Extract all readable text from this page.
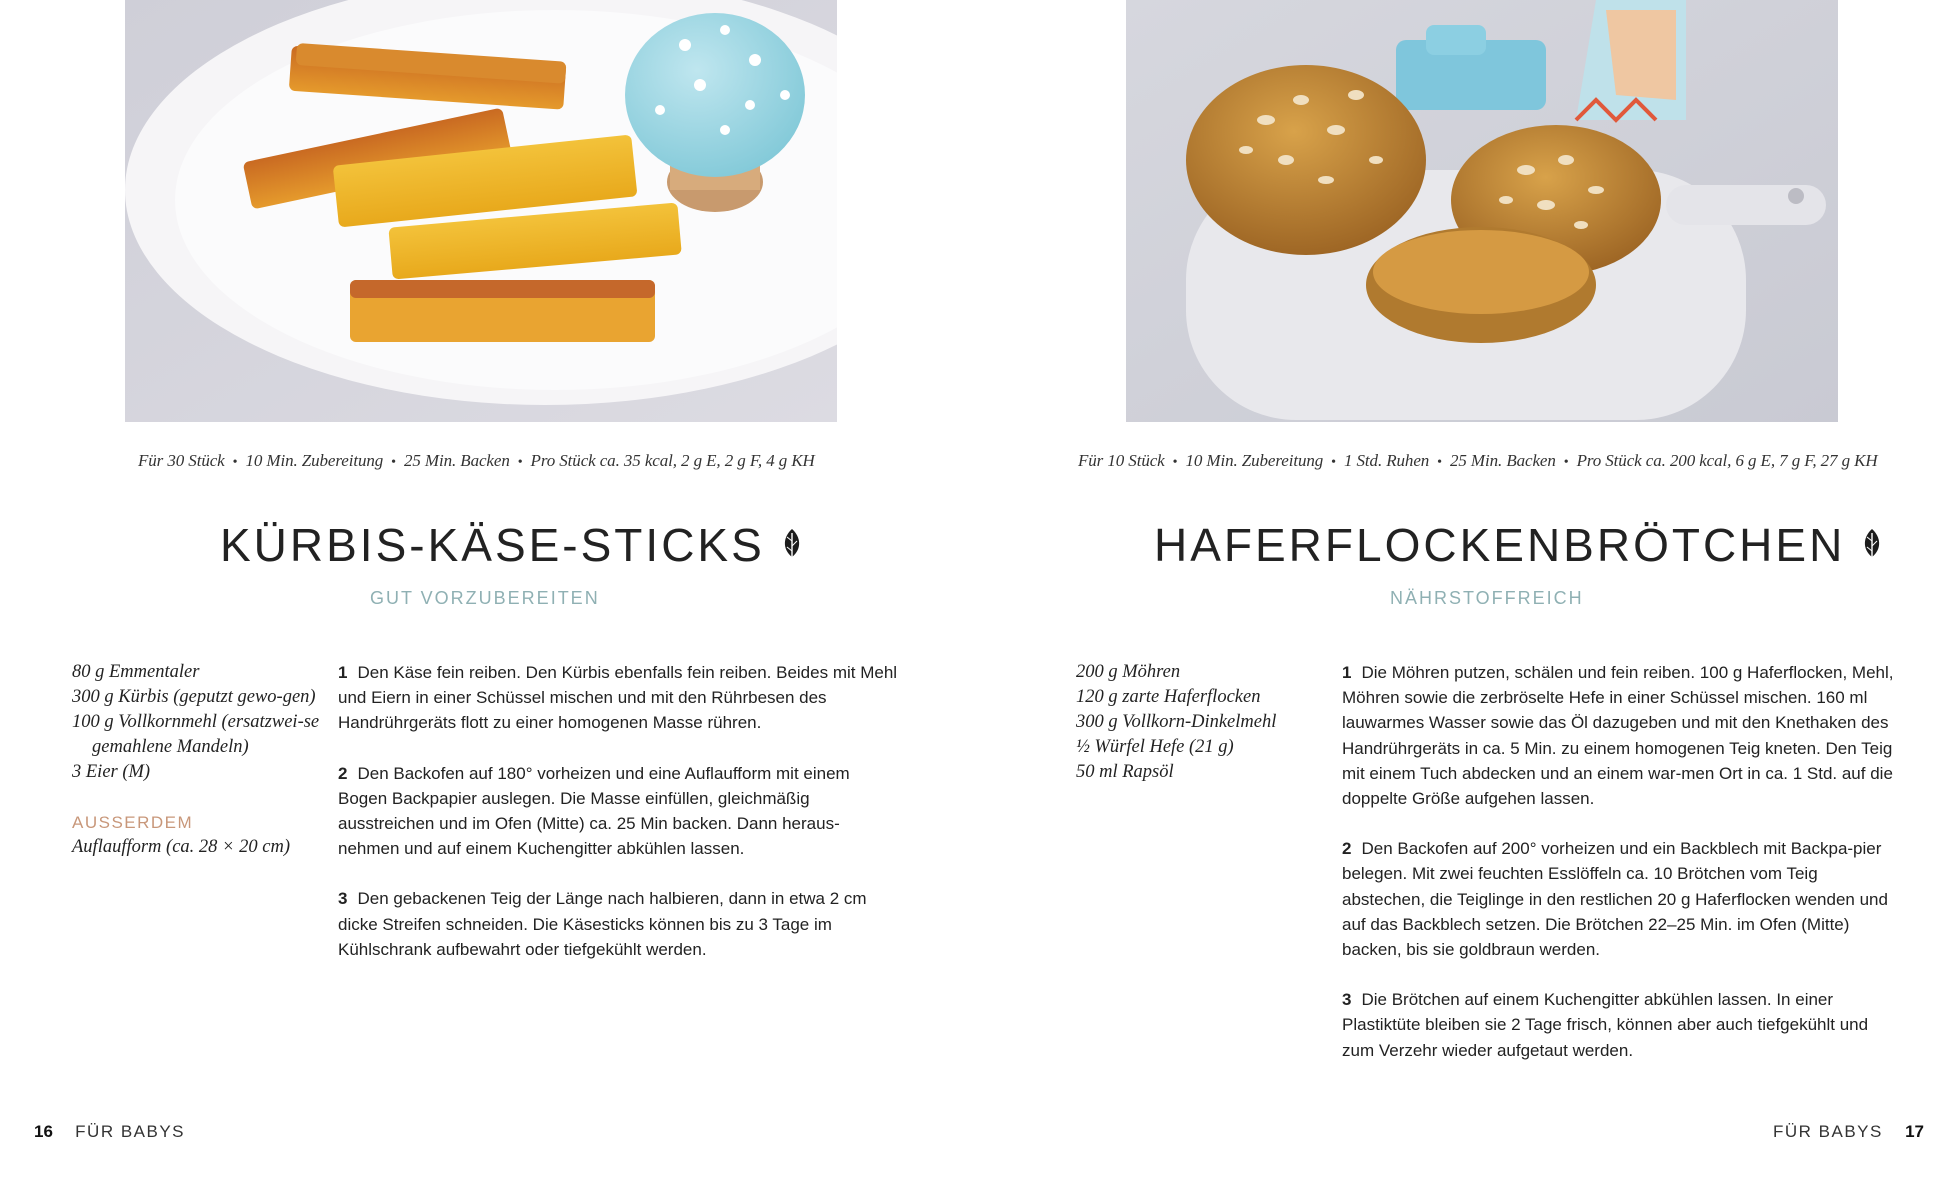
Für 30 Stück • 10 Min. Zubereitung • 25 Min. Backen • Pro Stück ca. 35 kcal, 2 g E, 2 g F, 4 g KH
KÜRBIS-KÄSE-STICKS
GUT VORZUBEREITEN
80 g Emmentaler
300 g Kürbis (geputzt gewo-gen)
100 g Vollkornmehl (ersatzwei-se gemahlene Mandeln)
3 Eier (M)
AUSSERDEM
Auflaufform (ca. 28 × 20 cm)
1 Den Käse fein reiben. Den Kürbis ebenfalls fein reiben. Beides mit Mehl und Eiern in einer Schüssel mischen und mit den Rührbesen des Handrührgeräts flott zu einer homogenen Masse rühren.
2 Den Backofen auf 180° vorheizen und eine Auflaufform mit einem Bogen Backpapier auslegen. Die Masse einfüllen, gleichmäßig ausstreichen und im Ofen (Mitte) ca. 25 Min backen. Dann heraus-nehmen und auf einem Kuchengitter abkühlen lassen.
3 Den gebackenen Teig der Länge nach halbieren, dann in etwa 2 cm dicke Streifen schneiden. Die Käsesticks können bis zu 3 Tage im Kühlschrank aufbewahrt oder tiefgekühlt werden.
16 FÜR BABYS
Für 10 Stück • 10 Min. Zubereitung • 1 Std. Ruhen • 25 Min. Backen • Pro Stück ca. 200 kcal, 6 g E, 7 g F, 27 g KH
HAFERFLOCKENBRÖTCHEN
NÄHRSTOFFREICH
200 g Möhren
120 g zarte Haferflocken
300 g Vollkorn-Dinkelmehl
½ Würfel Hefe (21 g)
50 ml Rapsöl
1 Die Möhren putzen, schälen und fein reiben. 100 g Haferflocken, Mehl, Möhren sowie die zerbröselte Hefe in einer Schüssel mischen. 160 ml lauwarmes Wasser sowie das Öl dazugeben und mit den Knethaken des Handrührgeräts in ca. 5 Min. zu einem homogenen Teig kneten. Den Teig mit einem Tuch abdecken und an einem war-men Ort in ca. 1 Std. auf die doppelte Größe aufgehen lassen.
2 Den Backofen auf 200° vorheizen und ein Backblech mit Backpa-pier belegen. Mit zwei feuchten Esslöffeln ca. 10 Brötchen vom Teig abstechen, die Teiglinge in den restlichen 20 g Haferflocken wenden und auf das Backblech setzen. Die Brötchen 22–25 Min. im Ofen (Mitte) backen, bis sie goldbraun werden.
3 Die Brötchen auf einem Kuchengitter abkühlen lassen. In einer Plastiktüte bleiben sie 2 Tage frisch, können aber auch tiefgekühlt und zum Verzehr wieder aufgetaut werden.
FÜR BABYS 17
